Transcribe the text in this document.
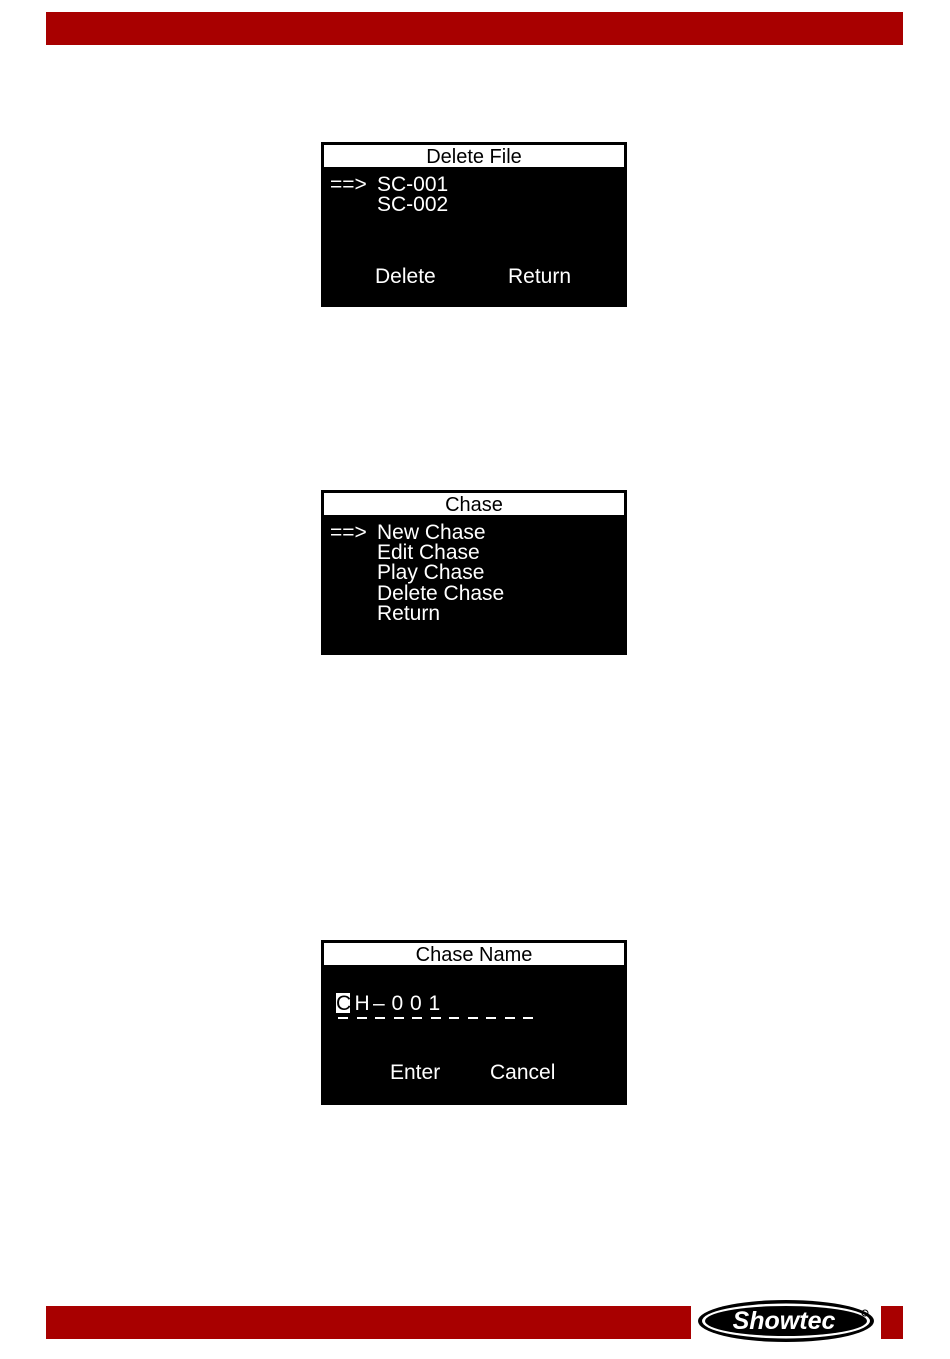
Delete File
==> SC-001
SC-002
Delete	Return
Chase
==> New Chase
Edit Chase
Play Chase
Delete Chase
Return
Chase Name
C H – 0 0 1
Enter Cancel
Showtec
